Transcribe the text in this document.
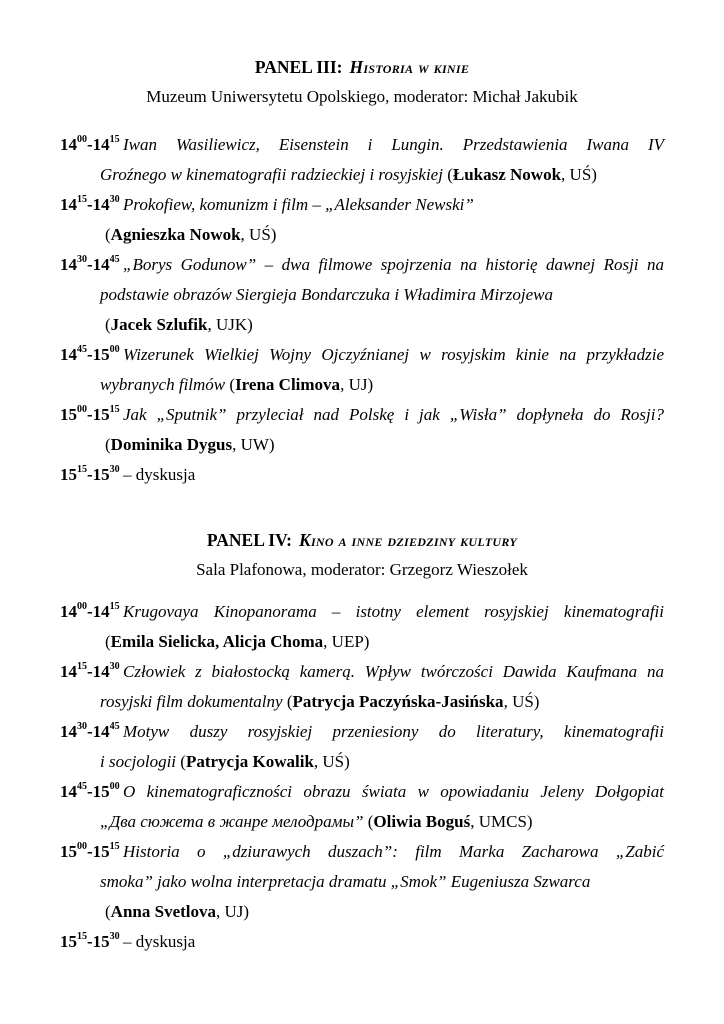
PANEL III: Historia w kinie
Muzeum Uniwersytetu Opolskiego, moderator: Michał Jakubik
$14^{00}-14^{15}$ Iwan Wasiliewicz, Eisenstein i Lungin. Przedstawienia Iwana IV
Groźnego w kinematografii radzieckiej i rosyjskiej (Łukasz Nowok, UŚ)
$14^{15}-14^{30}$ Prokofiew, komunizm i film – „Aleksander Newski”
(Agnieszka Nowok, UŚ)
$14^{30}-14^{45}$ „Borys Godunow” – dwa filmowe spojrzenia na historię dawnej Rosji na
podstawie obrazów Siergieja Bondarczuka i Władimira Mirzojewa
(Jacek Szlufik, UJK)
$14^{45}-15^{00}$ Wizerunek Wielkiej Wojny Ojczyźnianej w rosyjskim kinie na przykładzie
wybranych filmów (Irena Climova, UJ)
$15^{00}-15^{15}$ Jak „Sputnik” przyleciał nad Polskę i jak „Wisła” dopłyneła do Rosji?
(Dominika Dygus, UW)
$15^{15}-15^{30}$ – dyskusja
PANEL IV: Kino a inne dziedziny kultury
Sala Plafonowa, moderator: Grzegorz Wieszołek
$14^{00}-14^{15}$ Krugovaya Kinopanorama – istotny element rosyjskiej kinematografii
(Emila Sielicka, Alicja Choma, UEP)
$14^{15}-14^{30}$ Człowiek z białostocką kamerą. Wpływ twórczości Dawida Kaufmana na
rosyjski film dokumentalny (Patrycja Paczyńska-Jasińska, UŚ)
$14^{30}-14^{45}$ Motyw duszy rosyjskiej przeniesiony do literatury, kinematografii
i socjologii (Patrycja Kowalik, UŚ)
$14^{45}-15^{00}$ O kinematograficzności obrazu świata w opowiadaniu Jeleny Dołgopiat
„Два сюжета в жанре мелодрамы” (Oliwia Boguś, UMCS)
$15^{00}-15^{15}$ Historia o „dziurawych duszach”: film Marka Zacharowa „Zabić
smoka” jako wolna interpretacja dramatu „Smok” Eugeniusza Szwarca
(Anna Svetlova, UJ)
$15^{15}-15^{30}$ – dyskusja
